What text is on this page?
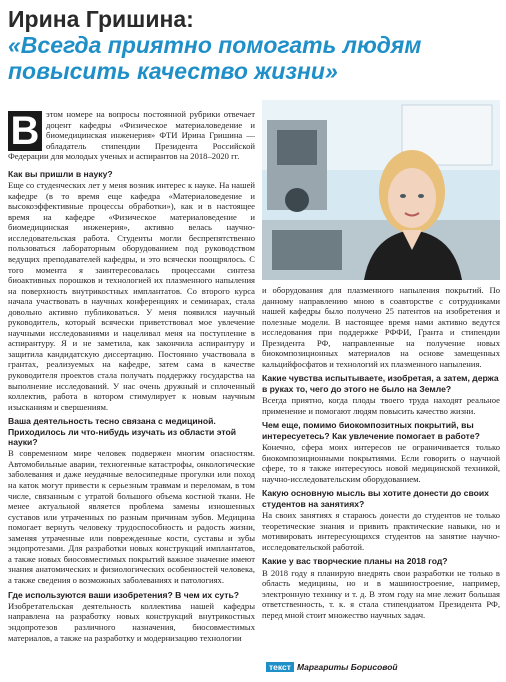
Ирина Гришина:
«Всегда приятно помогать людям
повысить качество жизни»
В этом номере на вопросы постоянной рубрики отвечает доцент кафедры «Физическое материаловедение и биомедицинская инженерия» ФТИ Ирина Гришина — обладатель стипендии Президента Российской Федерации для молодых ученых и аспирантов на 2018–2020 гг.

Как вы пришли в науку?

Еще со студенческих лет у меня возник интерес к науке. На нашей кафедре (в то время еще кафедра «Материаловедение и высокоэффективные процессы обработки»), как и в настоящее время на кафедре «Физическое материаловедение и биомедицинская инженерия», активно велась научно-исследовательская работа. Студенты могли беспрепятственно пользоваться лабораторным оборудованием под руководством ведущих преподавателей кафедры, и это всячески поощрялось. С того момента я заинтересовалась процессами синтеза биоактивных порошков и технологией их плазменного напыления на поверхность внутрикостных имплантатов. Со второго курса начала участвовать в научных конференциях и семинарах, стала довольно активно публиковаться. У меня появился научный руководитель, который всячески приветствовал мое увлечение научными исследованиями и нацеливал меня на поступление в аспирантуру. Я и не заметила, как закончила аспирантуру и защитила кандидатскую диссертацию. Постоянно участвовала в грантах, реализуемых на кафедре, затем сама в качестве руководителя проектов стала получать поддержку государства на выполнение исследований. У нас очень дружный и сплоченный коллектив, работа в котором стимулирует к новым научным изысканиям и свершениям.

Ваша деятельность тесно связана с медициной. Приходилось ли что-нибудь изучать из области этой науки?

В современном мире человек подвержен многим опасностям. Автомобильные аварии, техногенные катастрофы, онкологические заболевания и даже неудачные велосипедные прогулки или поход на каток могут привести к серьезным травмам и переломам, в том числе, связанным с утратой большого объема костной ткани. Не менее актуальной является проблема замены изношенных суставов или утраченных по разным причинам зубов. Медицина помогает вернуть человеку трудоспособность и радость жизни, заменяя утраченные или поврежденные кости, суставы и зубы эндопротезами. Для разработки новых конструкций имплантатов, а также новых биосовместимых покрытий важное значение имеют знания анатомических и физиологических особенностей человека, а также сведения о возможных заболеваниях и патологиях.

Где используются ваши изобретения? В чем их суть?

Изобретательская деятельность коллектива нашей кафедры направлена на разработку новых конструкций внутрикостных эндопротезов различного назначения, биосовместимых материалов, а также на разработку и модернизацию технологии

и оборудования для плазменного напыления покрытий. По данному направлению мною в соавторстве с сотрудниками нашей кафедры было получено 25 патентов на изобретения и полезные модели. В настоящее время нами активно ведутся исследования при поддержке РФФИ, Гранта и стипендии Президента РФ, направленные на получение новых биокомпозиционных материалов на основе замещенных кальцийфосфатов и технологий их плазменного напыления.

Какие чувства испытываете, изобретая, а затем, держа в руках то, чего до этого не было на Земле?

Всегда приятно, когда плоды твоего труда находят реальное применение и помогают людям повысить качество жизни.

Чем еще, помимо биокомпозитных покрытий, вы интересуетесь? Как увлечение помогает в работе?

Конечно, сфера моих интересов не ограничивается только биокомпозиционными покрытиями. Если говорить о научной сфере, то я также интересуюсь новой медицинской техникой, научно-исследовательским оборудованием.

Какую основную мысль вы хотите донести до своих студентов на занятиях?

На своих занятиях я стараюсь донести до студентов не только теоретические знания и привить практические навыки, но и мотивировать интересующихся студентов на занятие научно-исследовательской работой.

Какие у вас творческие планы на 2018 год?

В 2018 году я планирую внедрять свои разработки не только в область медицины, но и в машиностроение, например, электронную технику и т. д. В этом году на мне лежит большая ответственность, т. к. я стала стипендиатом Президента РФ, перед мной стоит множество научных задач.

текст Маргариты Борисовой
